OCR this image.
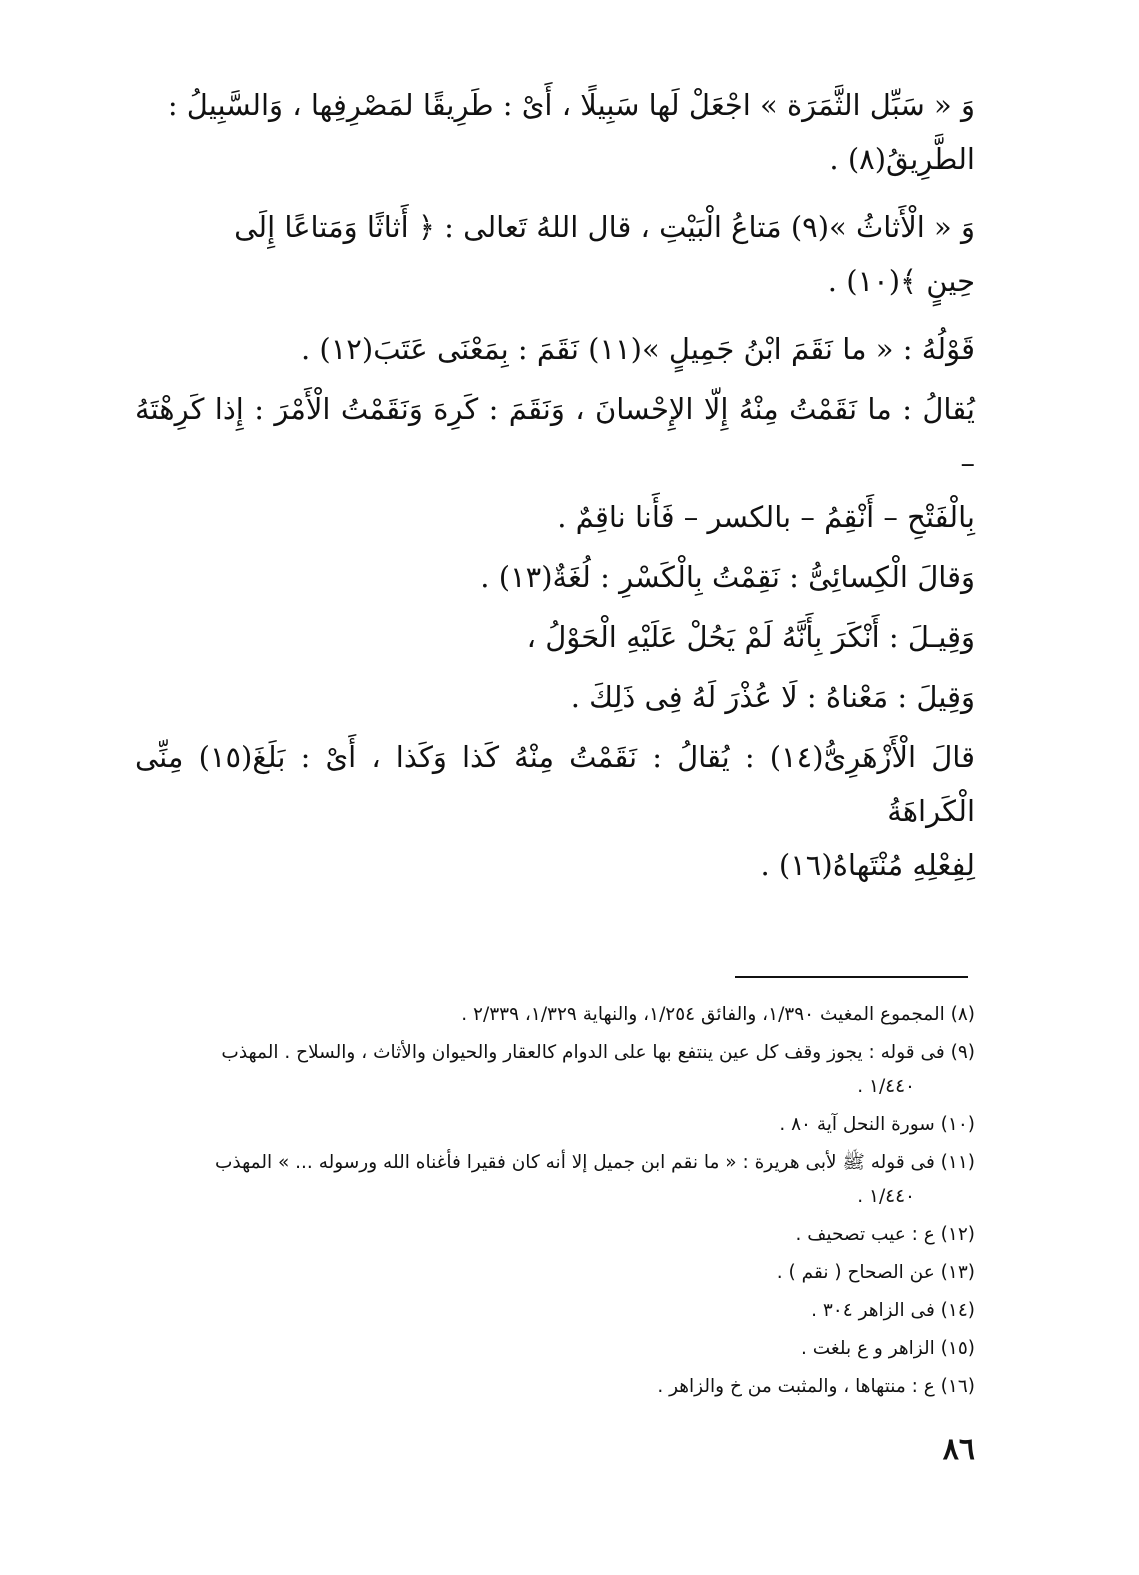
وَ « سَبِّل الثَّمَرَة » اجْعَلْ لَها سَبِيلًا ، أَىْ : طَرِيقًا لمَصْرِفِها ، وَالسَّبِيلُ :
الطَّرِيقُ(٨) .

وَ « الْأَثاثُ »(٩) مَتاعُ الْبَيْتِ ، قال اللهُ تَعالى : ﴿ أَثاثًا وَمَتاعًا إِلَى
حِينٍ ﴾(١٠) .

قَوْلُهُ : « ما نَقَمَ ابْنُ جَمِيلٍ »(١١) نَقَمَ : بِمَعْنَى عَتَبَ(١٢) .

يُقالُ : ما نَقَمْتُ مِنْهُ إِلّا الإِحْسانَ ، وَنَقَمَ : كَرِهَ وَنَقَمْتُ الْأَمْرَ : إِذا كَرِهْتَهُ –
بِالْفَتْحِ – أَنْقِمُ – بالكسر – فَأَنا ناقِمٌ .

وَقالَ الْكِسائِىُّ : نَقِمْتُ بِالْكَسْرِ : لُغَةٌ(١٣) .

وَقِيـلَ : أَنْكَرَ بِأَنَّهُ لَمْ يَحُلْ عَلَيْهِ الْحَوْلُ ،

وَقِيلَ : مَعْناهُ : لَا عُذْرَ لَهُ فِى ذَلِكَ .

قالَ الْأَزْهَرِىُّ(١٤) : يُقالُ : نَقَمْتُ مِنْهُ كَذا وَكَذا ، أَىْ : بَلَغَ(١٥) مِنِّى الْكَراهَةُ
لِفِعْلِهِ مُنْتَهاهُ(١٦) .

(٨) المجموع المغيث ١/٣٩٠، والفائق ١/٢٥٤، والنهاية ١/٣٢٩، ٢/٣٣٩ .
(٩) فى قوله : يجوز وقف كل عين ينتفع بها على الدوام كالعقار والحيوان والأثاث ، والسلاح . المهذب
١/٤٤٠ .
(١٠) سورة النحل آية ٨٠ .
(١١) فى قوله ﷺ لأبى هريرة : « ما نقم ابن جميل إلا أنه كان فقيرا فأغناه الله ورسوله ... » المهذب
١/٤٤٠ .
(١٢) ع : عيب تصحيف .
(١٣) عن الصحاح ( نقم ) .
(١٤) فى الزاهر ٣٠٤ .
(١٥) الزاهر و ع بلغت .
(١٦) ع : منتهاها ، والمثبت من خ والزاهر .
٨٦
